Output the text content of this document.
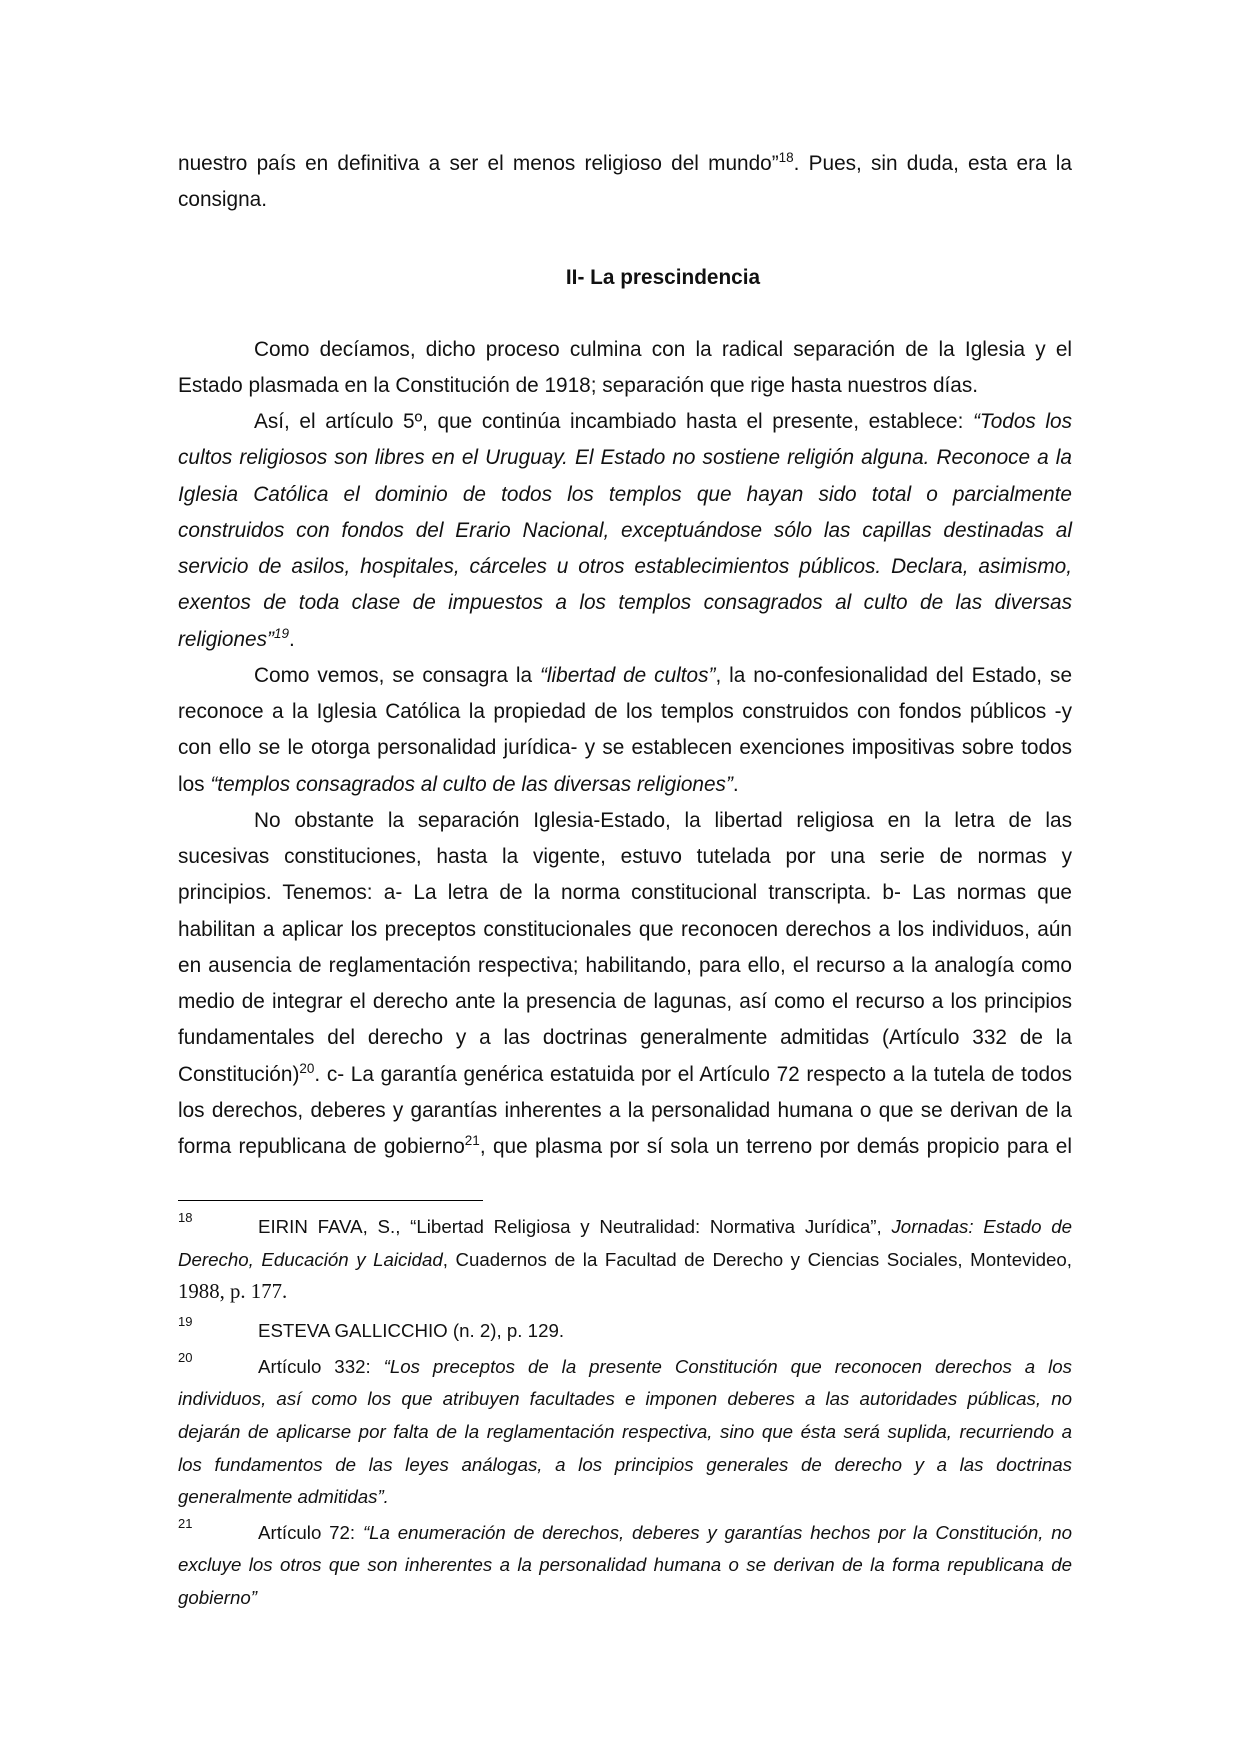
nuestro país en definitiva a ser el menos religioso del mundo”$^{18}$. Pues, sin duda, esta era la
consigna.
II- La prescindencia
Como decíamos, dicho proceso culmina con la radical separación de la Iglesia y el
Estado plasmada en la Constitución de 1918; separación que rige hasta nuestros días.
Así, el artículo 5º, que continúa incambiado hasta el presente, establece: “Todos los
cultos religiosos son libres en el Uruguay. El Estado no sostiene religión alguna. Reconoce a la
Iglesia Católica el dominio de todos los templos que hayan sido total o parcialmente
construidos con fondos del Erario Nacional, exceptuándose sólo las capillas destinadas al
servicio de asilos, hospitales, cárceles u otros establecimientos públicos. Declara, asimismo,
exentos de toda clase de impuestos a los templos consagrados al culto de las diversas
religiones”$^{19}$.
Como vemos, se consagra la “libertad de cultos”, la no-confesionalidad del Estado, se
reconoce a la Iglesia Católica la propiedad de los templos construidos con fondos públicos -y
con ello se le otorga personalidad jurídica- y se establecen exenciones impositivas sobre todos
los “templos consagrados al culto de las diversas religiones”.
No obstante la separación Iglesia-Estado, la libertad religiosa en la letra de las
sucesivas constituciones, hasta la vigente, estuvo tutelada por una serie de normas y
principios. Tenemos: a- La letra de la norma constitucional transcripta. b- Las normas que
habilitan a aplicar los preceptos constitucionales que reconocen derechos a los individuos, aún
en ausencia de reglamentación respectiva; habilitando, para ello, el recurso a la analogía como
medio de integrar el derecho ante la presencia de lagunas, así como el recurso a los principios
fundamentales del derecho y a las doctrinas generalmente admitidas (Artículo 332 de la
Constitución)$^{20}$. c- La garantía genérica estatuida por el Artículo 72 respecto a la tutela de todos
los derechos, deberes y garantías inherentes a la personalidad humana o que se derivan de la
forma republicana de gobierno$^{21}$, que plasma por sí sola un terreno por demás propicio para el
18	EIRIN FAVA, S., “Libertad Religiosa y Neutralidad: Normativa Jurídica”, Jornadas: Estado de
Derecho, Educación y Laicidad, Cuadernos de la Facultad de Derecho y Ciencias Sociales, Montevideo,
1988, p. 177.
19	ESTEVA GALLICCHIO (n. 2), p. 129.
20	Artículo 332: “Los preceptos de la presente Constitución que reconocen derechos a los
individuos, así como los que atribuyen facultades e imponen deberes a las autoridades públicas, no
dejarán de aplicarse por falta de la reglamentación respectiva, sino que ésta será suplida, recurriendo a
los fundamentos de las leyes análogas, a los principios generales de derecho y a las doctrinas
generalmente admitidas”.
21	Artículo 72: “La enumeración de derechos, deberes y garantías hechos por la Constitución, no
excluye los otros que son inherentes a la personalidad humana o se derivan de la forma republicana de
gobierno”
